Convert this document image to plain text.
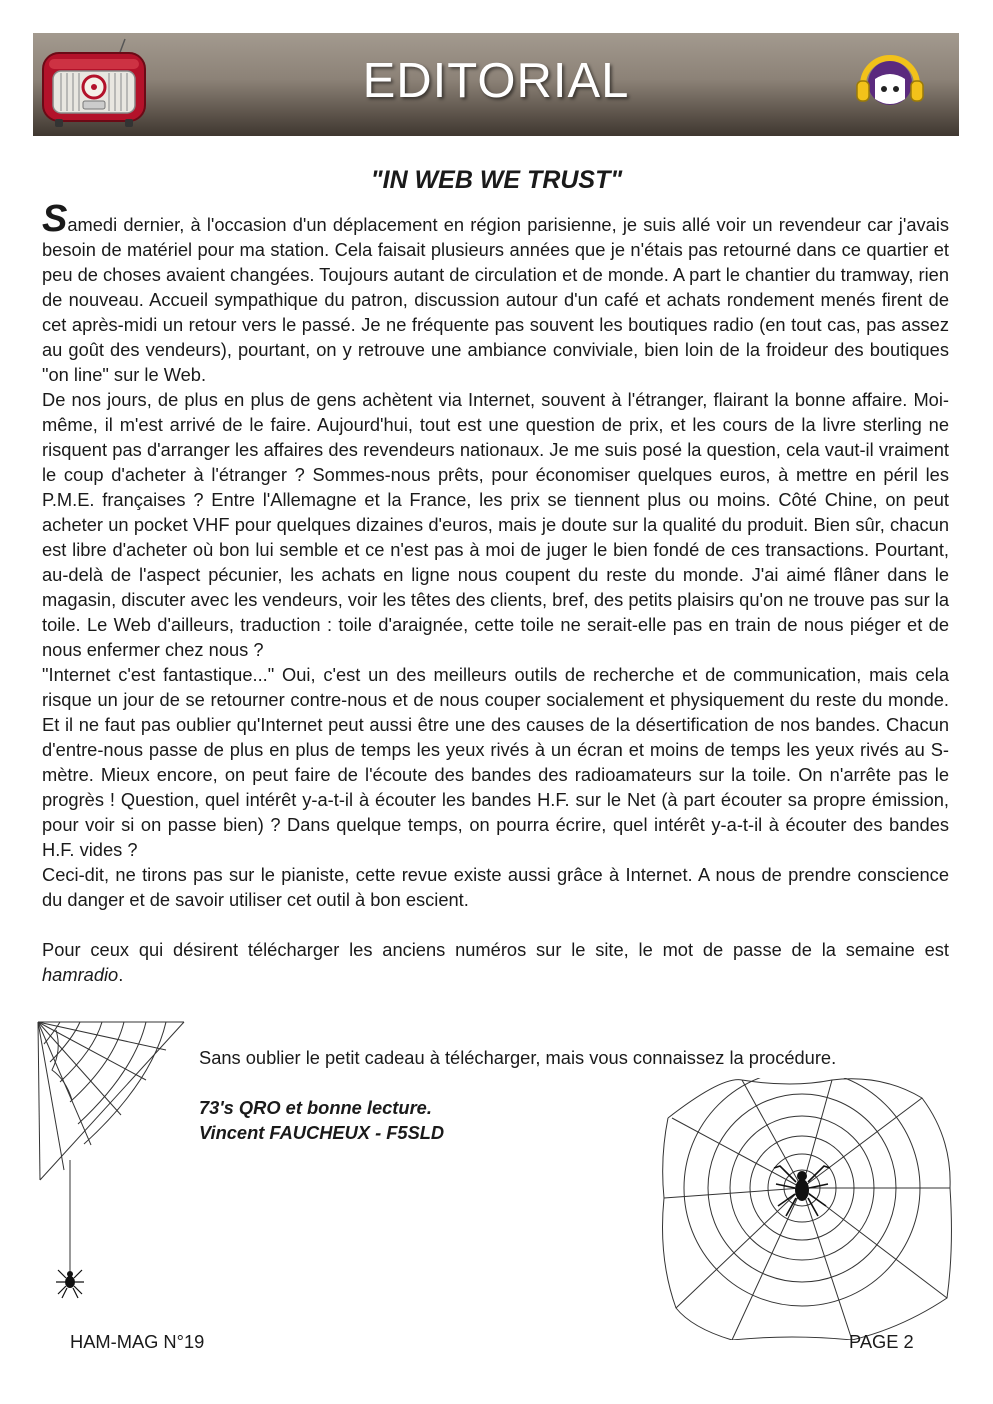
EDITORIAL
"IN WEB WE TRUST"

Samedi dernier, à l'occasion d'un déplacement en région parisienne, je suis allé voir un revendeur car j'avais besoin de matériel pour ma station. Cela faisait plusieurs années que je n'étais pas retourné dans ce quartier et peu de choses avaient changées. Toujours autant de circulation et de monde. A part le chantier du tramway, rien de nouveau. Accueil sympathique du patron, discussion autour d'un café et achats rondement menés firent de cet après-midi un retour vers le passé. Je ne fréquente pas souvent les boutiques radio (en tout cas, pas assez au goût des vendeurs), pourtant, on y retrouve une ambiance conviviale, bien loin de la froideur des boutiques "on line" sur le Web.

De nos jours, de plus en plus de gens achètent via Internet, souvent à l'étranger, flairant la bonne affaire. Moi-même, il m'est arrivé de le faire. Aujourd'hui, tout est une question de prix, et les cours de la livre sterling ne risquent pas d'arranger les affaires des revendeurs nationaux. Je me suis posé la question, cela vaut-il vraiment le coup d'acheter à l'étranger ? Sommes-nous prêts, pour économiser quelques euros, à mettre en péril les P.M.E. françaises ? Entre l'Allemagne et la France, les prix se tiennent plus ou moins. Côté Chine, on peut acheter un pocket VHF pour quelques dizaines d'euros, mais je doute sur la qualité du produit. Bien sûr, chacun est libre d'acheter où bon lui semble et ce n'est pas à moi de juger le bien fondé de ces transactions. Pourtant, au-delà de l'aspect pécunier, les achats en ligne nous coupent du reste du monde. J'ai aimé flâner dans le magasin, discuter avec les vendeurs, voir les têtes des clients, bref, des petits plaisirs qu'on ne trouve pas sur la toile. Le Web d'ailleurs, traduction : toile d'araignée, cette toile ne serait-elle pas en train de nous piéger et de nous enfermer chez nous ?

"Internet c'est fantastique..." Oui, c'est un des meilleurs outils de recherche et de communication, mais cela risque un jour de se retourner contre-nous et de nous couper socialement et physiquement du reste du monde. Et il ne faut pas oublier qu'Internet peut aussi être une des causes de la désertification de nos bandes. Chacun d'entre-nous passe de plus en plus de temps les yeux rivés à un écran et moins de temps les yeux rivés au S-mètre. Mieux encore, on peut faire de l'écoute des bandes des radioamateurs sur la toile. On n'arrête pas le progrès ! Question, quel intérêt y-a-t-il à écouter les bandes H.F. sur le Net (à part écouter sa propre émission, pour voir si on passe bien) ? Dans quelque temps, on pourra écrire, quel intérêt y-a-t-il à écouter des bandes H.F. vides ?

Ceci-dit, ne tirons pas sur le pianiste, cette revue existe aussi grâce à Internet. A nous de prendre conscience du danger et de savoir utiliser cet outil à bon escient.

Pour ceux qui désirent télécharger les anciens numéros sur le site, le mot de passe de la semaine est hamradio.

Sans oublier le petit cadeau à télécharger, mais vous connaissez la procédure.
73's QRO et bonne lecture.
Vincent FAUCHEUX - F5SLD
HAM-MAG N°19	PAGE 2
